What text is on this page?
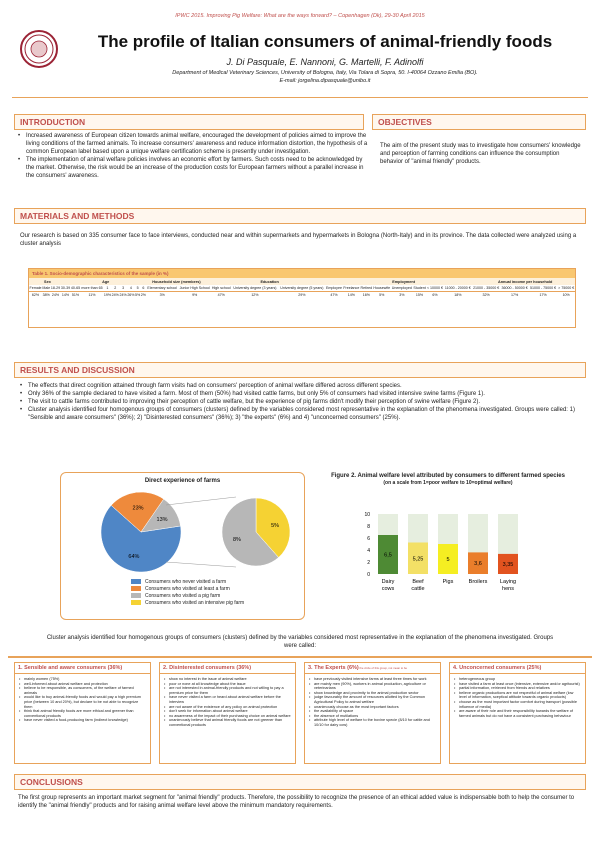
IPWC 2015. Improving Pig Welfare: What are the ways forward? – Copenhagen (Dk), 29-30 April 2015
The profile of Italian consumers of animal-friendly foods
J. Di Pasquale, E. Nannoni, G. Martelli, F. Adinolfi
Department of Medical Veterinary Sciences, University of Bologna, Italy, Via Tolara di Sopra, 50. I-40064 Ozzano Emilia (BO).
E-mail: jorgelina.dipasquale@unibo.it
INTRODUCTION
• Increased awareness of European citizen towards animal welfare, encouraged the development of policies aimed to improve the living conditions of the farmed animals. To increase consumers' awareness and reduce information distortion, the hypothesis of a common European label based upon a unique welfare certification scheme is presently under investigation.
• The implementation of animal welfare policies involves an economic effort by farmers. Such costs need to be acknowledged by the market. Otherwise, the risk would be an increase of the production costs for European farmers without a parallel increase in the consumers' awareness.
OBJECTIVES
The aim of the present study was to investigate how consumers' knowledge and perception of farming conditions can influence the consumption behavior of "animal friendly" products.
MATERIALS AND METHODS
Our research is based on 335 consumer face to face interviews, conducted near and within supermarkets and hypermarkets in Bologna (North-Italy) and in its province. The data collected were analyzed using a cluster analysis
Table 1. Socio-demographic characteristics of the sample (in %)
Sex	Age	Household size (members)	Education	Employment	Annual income per household
Female	Male	18-29	30-39	40-65	more than 65	1	2	3	4	5	6	Elementary school	Junior High School	High school	University degree (3 years)	University degree (5 years)	Employee	Freelance	Retired	Housewife	Unemployed	Student	< 10000 €	11000 - 20000 €	21000 - 35000 €	36000 - 50000 €	51000 - 75000 €	> 75000 €
62%	38%	24%	14%	51%	11%	19%	24%	24%	26%	5%	2%	3%	9%	47%	12%	29%	47%	14%	16%	5%	3%	15%	6%	18%	32%	17%	17%	10%
RESULTS AND DISCUSSION
• The effects that direct cognition attained through farm visits had on consumers' perception of animal welfare differed across different species.
• Only 36% of the sample declared to have visited a farm. Most of them (50%) had visited cattle farms, but only 5% of consumers had visited intensive swine farms (Figure 1).
• The visit to cattle farms contributed to improving their perception of cattle welfare, but the experience of pig farms didn't modify their perception of swine welfare (Figure 2).
• Cluster analysis identified four homogenous groups of consumers (clusters) defined by the variables considered most representative in the explanation of the phenomena investigated. Groups were called: 1) "Sensible and aware consumers" (36%); 2) "Disinterested consumers" (36%); 3) "the experts" (6%) and 4) "unconcerned consumers" (25%).
Direct experience of farms
64%
23%
13%
5%
8%
Consumers who never visited a farm
Consumers who visited at least a farm
Consumers who visited a pig farm
Consumers who visited an intensive pig farm
Figure 2. Animal welfare level attributed by consumers to different farmed species
(on a scale from 1=poor welfare to 10=optimal welfare)
0
2
4
6
8
10
6,5
Dairy
cows
5,25
Beef
cattle
5
Pigs
3,6
Broilers
3,35
Laying
hens
Cluster analysis identified four homogenous groups of consumers (clusters) defined by the variables considered most representative in the explanation of the phenomena investigated. Groups were called:
1. Sensible and aware consumers (36%)
• mainly women (75%)
• well-informed about animal welfare and protection
• believe to be responsible, as consumers, of the welfare of farmed animals
• would like to buy animal-friendly foods and would pay a high premium price (between 10 and 20%), but declare to be not able to recognize them
• think that animal friendly foods are more ethical and greener than conventional products
• have never visited a food-producing farm (indirect knowledge)
2. Disinterested consumers (36%)
• show no interest in the issue of animal welfare
• poor or none at all knowledge about the issue
• are not interested in animal-friendly products and not willing to pay a premium price for them
• have never visited a farm or heard about animal welfare before the interview
• are not aware of the existence of any policy on animal protection
• don't seek for information about animal welfare
• no awareness of the impact of their purchasing choice on animal welfare
• unanimously believe that animal friendly foods are not greener than conventional products
3. The Experts (6%) the circle of this group, not mean to be
• have previously visited intensive farms at least three times for work
• are mainly men (90%), workers in animal production, agriculture or veterinarians
• show knowledge and proximity to the animal production sector
• judge favourably the amount of resources allotted by the Common Agricultural Policy to animal welfare
• unanimously choose as the most important factors
• the availability of space
• the absence of mutilations
• attribute high level of welfare to the bovine specie (8/10 for cattle and 10/10 for dairy cow)
4. Unconcerned consumers (25%)
• heterogeneous group
• have visited a farm at least once (intensive, extensive and/or agritourist)
• partial information, retrieved from friends and relatives
• believe organic productions are not respectful of animal welfare (low level of information, sceptical attitude towards organic products)
• choose as the most important factor comfort during transport (possible influence of media)
• are aware of their role and their responsibility towards the welfare of farmed animals but do not have a consistent purchasing behaviour
CONCLUSIONS
The first group represents an important market segment for "animal friendly" products. Therefore, the possibility to recognize the presence of an ethical added value is indispensable both to help the consumer to identify the "animal friendly" products and for raising animal welfare level above the minimum mandatory requirements.
